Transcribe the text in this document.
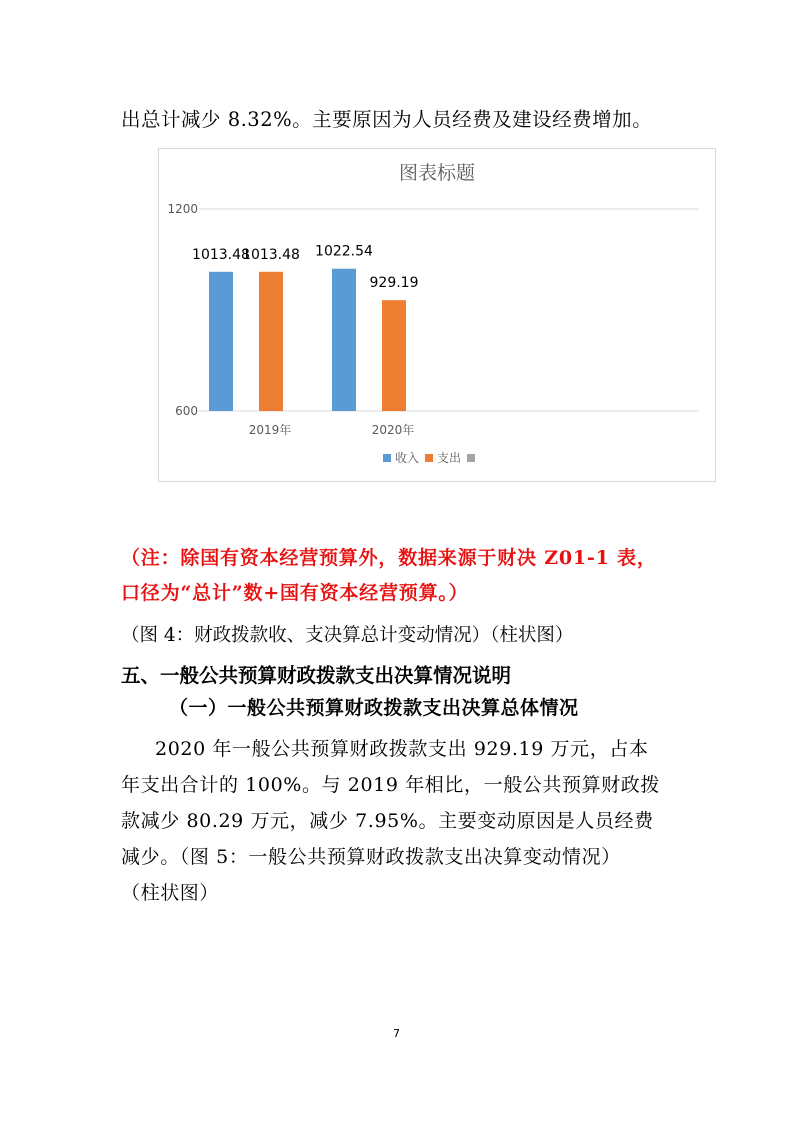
出总计减少 8.32%。主要原因为人员经费及建设经费增加。
图表标题
600
1200
1013.48	1022.54
1013.48
929.19
2019年	2020年
收入 支出
（注：除国有资本经营预算外，数据来源于财决 Z01-1 表，
口径为“总计”数+国有资本经营预算。）
（图 4：财政拨款收、支决算总计变动情况）（柱状图）
五、一般公共预算财政拨款支出决算情况说明
（一）一般公共预算财政拨款支出决算总体情况
2020 年一般公共预算财政拨款支出 929.19 万元，占本
年支出合计的 100%。与 2019 年相比，一般公共预算财政拨
款减少 80.29 万元，减少 7.95%。主要变动原因是人员经费
减少。（图 5：一般公共预算财政拨款支出决算变动情况）
（柱状图）
7
